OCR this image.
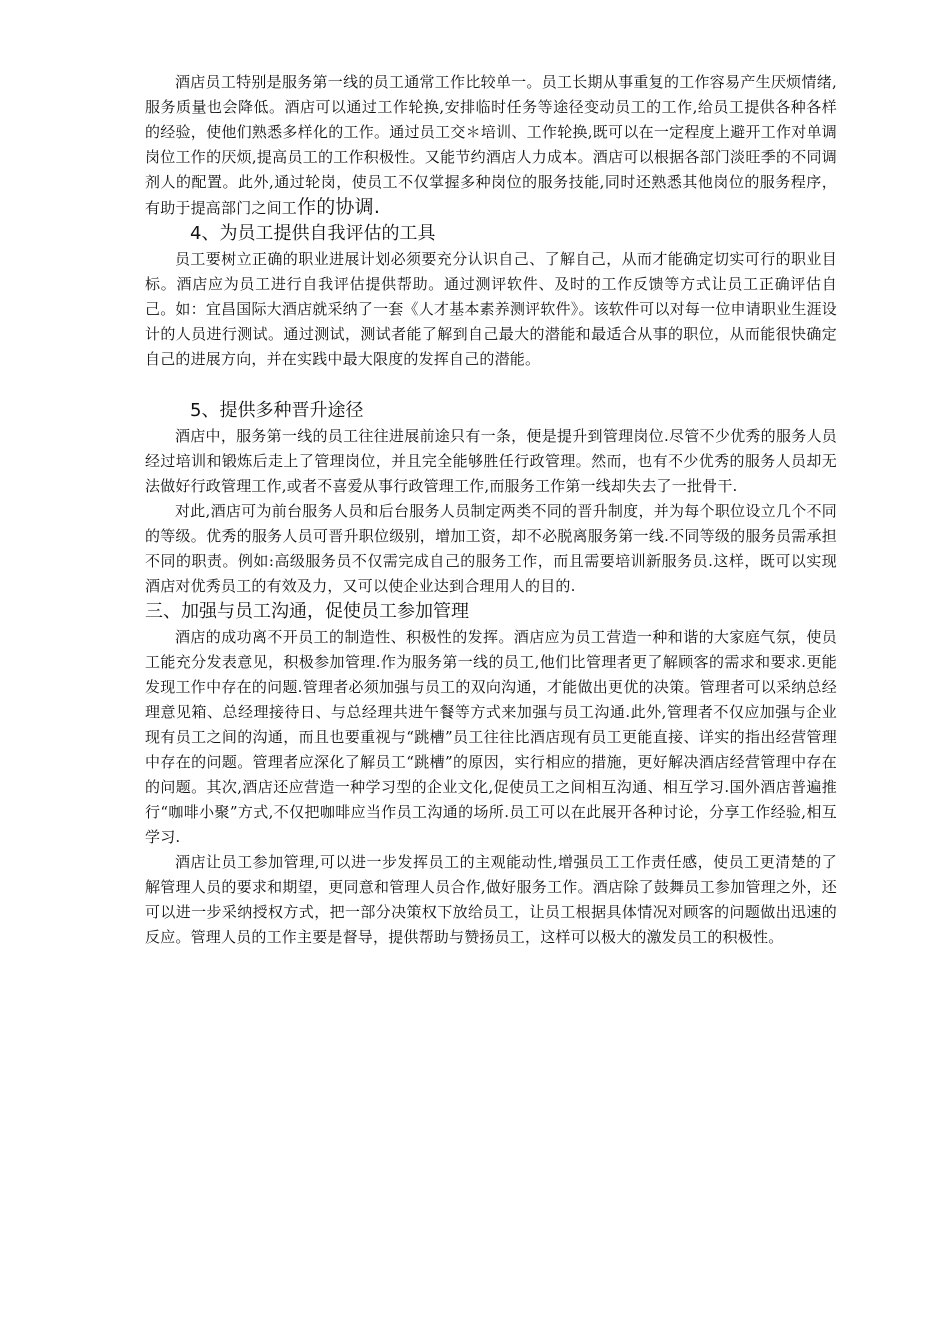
酒店员工特别是服务第一线的员工通常工作比较单一。员工长期从事重复的工作容易产生厌烦情绪,服务质量也会降低。酒店可以通过工作轮换,安排临时任务等途径变动员工的工作,给员工提供各种各样的经验，使他们熟悉多样化的工作。通过员工交＊培训、工作轮换,既可以在一定程度上避开工作对单调岗位工作的厌烦,提高员工的工作积极性。又能节约酒店人力成本。酒店可以根据各部门淡旺季的不同调剂人的配置。此外,通过轮岗，使员工不仅掌握多种岗位的服务技能,同时还熟悉其他岗位的服务程序，有助于提高部门之间工作的协调.

4、为员工提供自我评估的工具

员工要树立正确的职业进展计划必须要充分认识自己、了解自己，从而才能确定切实可行的职业目标。酒店应为员工进行自我评估提供帮助。通过测评软件、及时的工作反馈等方式让员工正确评估自己。如：宜昌国际大酒店就采纳了一套《人才基本素养测评软件》。该软件可以对每一位申请职业生涯设计的人员进行测试。通过测试，测试者能了解到自己最大的潜能和最适合从事的职位，从而能很快确定自己的进展方向，并在实践中最大限度的发挥自己的潜能。

5、提供多种晋升途径

酒店中，服务第一线的员工往往进展前途只有一条，便是提升到管理岗位.尽管不少优秀的服务人员经过培训和锻炼后走上了管理岗位，并且完全能够胜任行政管理。然而，也有不少优秀的服务人员却无法做好行政管理工作,或者不喜爱从事行政管理工作,而服务工作第一线却失去了一批骨干.

对此,酒店可为前台服务人员和后台服务人员制定两类不同的晋升制度，并为每个职位设立几个不同的等级。优秀的服务人员可晋升职位级别，增加工资，却不必脱离服务第一线.不同等级的服务员需承担不同的职责。例如:高级服务员不仅需完成自己的服务工作，而且需要培训新服务员.这样，既可以实现酒店对优秀员工的有效及力，又可以使企业达到合理用人的目的.

三、加强与员工沟通，促使员工参加管理

酒店的成功离不开员工的制造性、积极性的发挥。酒店应为员工营造一种和谐的大家庭气氛，使员工能充分发表意见，积极参加管理.作为服务第一线的员工,他们比管理者更了解顾客的需求和要求.更能发现工作中存在的问题.管理者必须加强与员工的双向沟通，才能做出更优的决策。管理者可以采纳总经理意见箱、总经理接待日、与总经理共进午餐等方式来加强与员工沟通.此外,管理者不仅应加强与企业现有员工之间的沟通，而且也要重视与“跳槽”员工往往比酒店现有员工更能直接、详实的指出经营管理中存在的问题。管理者应深化了解员工“跳槽”的原因，实行相应的措施，更好解决酒店经营管理中存在的问题。其次,酒店还应营造一种学习型的企业文化,促使员工之间相互沟通、相互学习.国外酒店普遍推行“咖啡小聚”方式,不仅把咖啡应当作员工沟通的场所.员工可以在此展开各种讨论，分享工作经验,相互学习.

酒店让员工参加管理,可以进一步发挥员工的主观能动性,增强员工工作责任感，使员工更清楚的了解管理人员的要求和期望，更同意和管理人员合作,做好服务工作。酒店除了鼓舞员工参加管理之外，还可以进一步采纳授权方式，把一部分决策权下放给员工，让员工根据具体情况对顾客的问题做出迅速的反应。管理人员的工作主要是督导，提供帮助与赞扬员工，这样可以极大的激发员工的积极性。
